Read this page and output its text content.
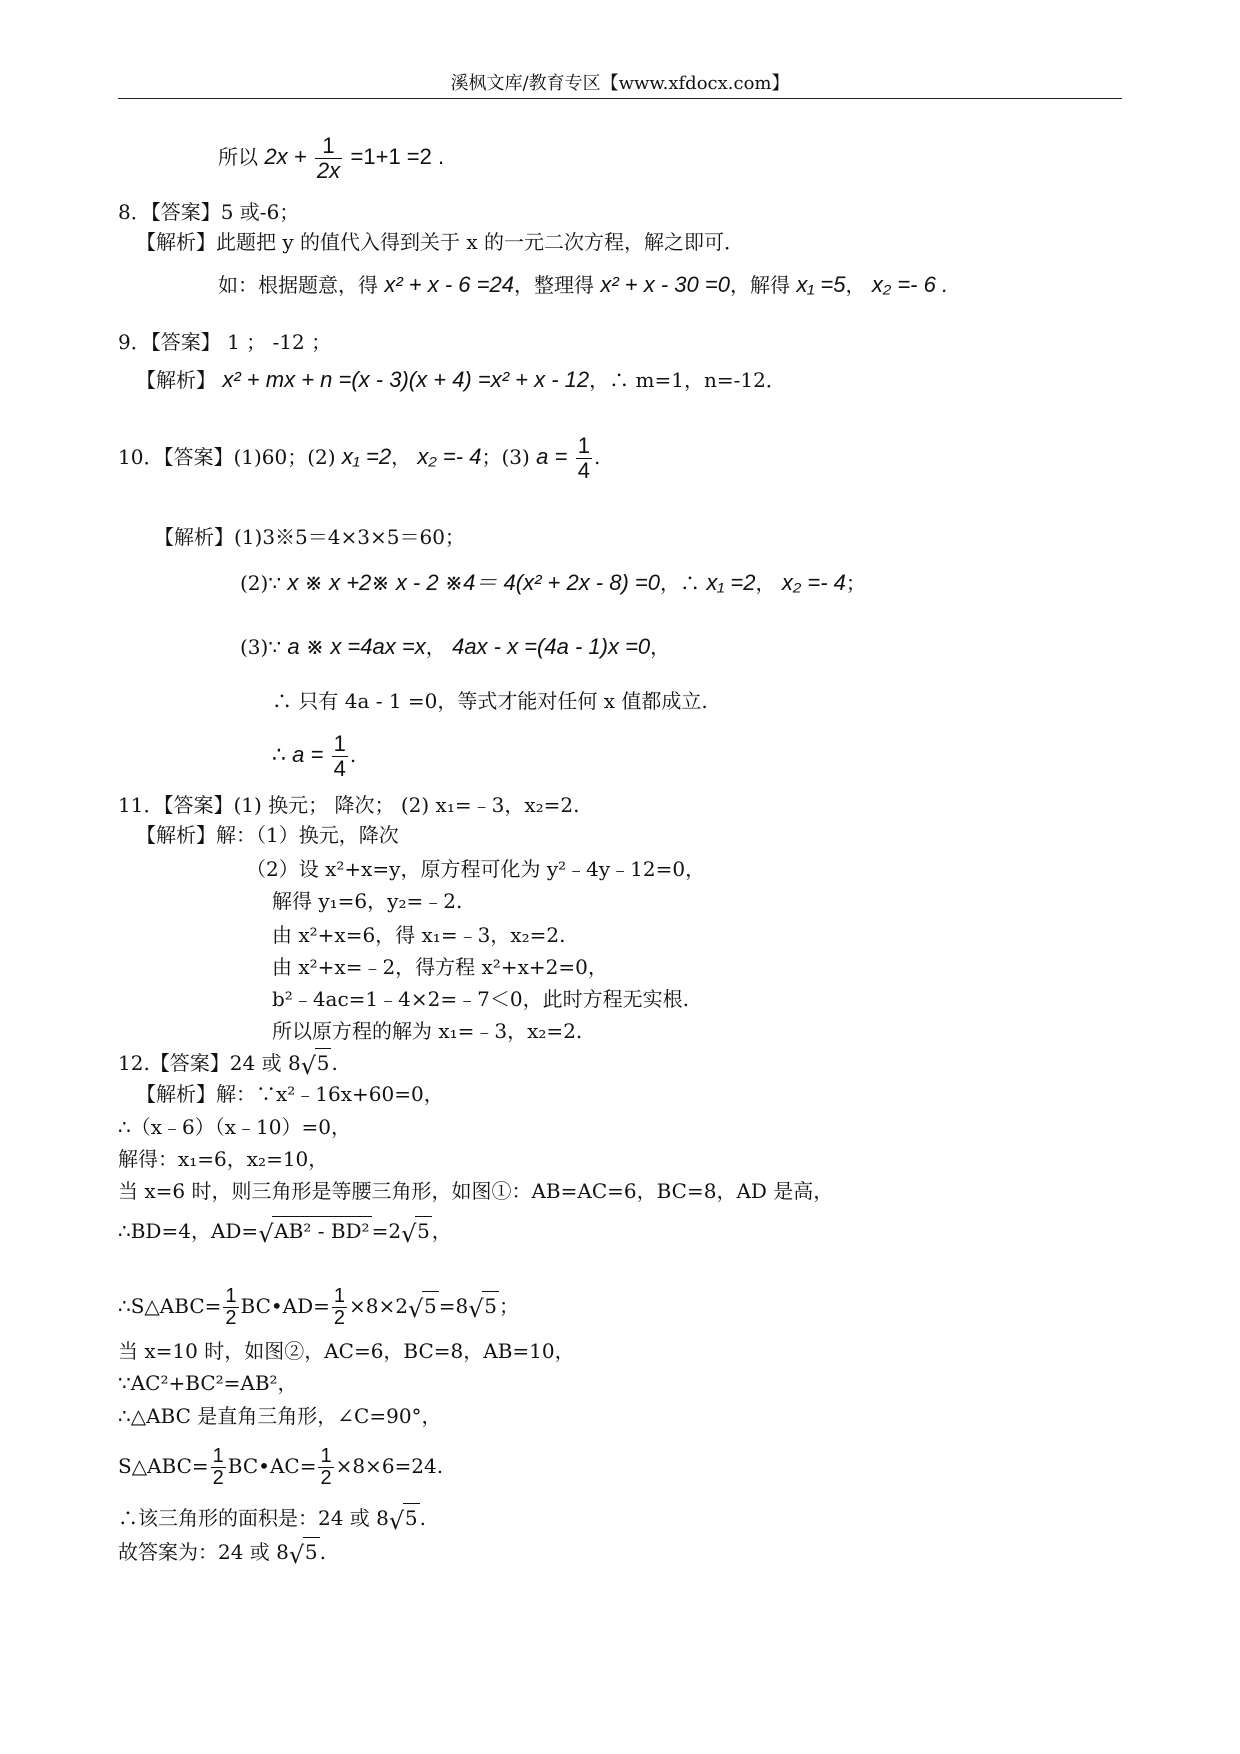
溪枫文库/教育专区【www.xfdocx.com】
所以 $2x + \frac{1}{2x} =1+1 =2$ .
8．【答案】5 或-6；
【解析】此题把 y 的值代入得到关于 x 的一元二次方程，解之即可．
如：根据题意，得 x² + x - 6 =24，整理得 x² + x - 30 =0，解得 x₁ =5， x₂ =- 6 .
9．【答案】 1 ； -12 ；
【解析】 x² + mx + n =(x - 3)(x + 4) =x² + x - 12，∴ m=1，n=-12．
10．【答案】(1)60；(2) x₁ =2， x₂ =- 4；(3) $a = \frac{1}{4}$ .
【解析】(1)3※5＝4×3×5＝60；
(2)∵ x ※ x +2※ x - 2 ※4＝ 4(x² + 2x - 8) =0，∴ x₁ =2， x₂ =- 4；
(3)∵ a ※ x =4ax =x， 4ax - x =(4a - 1)x =0，
∴ 只有 4a - 1 =0，等式才能对任何 x 值都成立.
∴ $a = \frac{1}{4}$ .
11．【答案】(1) 换元； 降次； (2) x₁=﹣3，x₂=2.
【解析】解：（1）换元，降次
（2）设 x²+x=y，原方程可化为 y²﹣4y﹣12=0，
解得 y₁=6，y₂=﹣2.
由 x²+x=6，得 x₁=﹣3，x₂=2.
由 x²+x=﹣2，得方程 x²+x+2=0，
b²﹣4ac=1﹣4×2=﹣7＜0，此时方程无实根.
所以原方程的解为 x₁=﹣3，x₂=2.
12.【答案】24 或 8√ 5 .
【解析】解：∵x²﹣16x+60=0，
∴（x﹣6）（x﹣10）=0，
解得：x₁=6，x₂=10，
当 x=6 时，则三角形是等腰三角形，如图①：AB=AC=6，BC=8，AD 是高，
∴BD=4，AD=√ AB² - BD² =2√ 5 ，
∴S△ABC= $\frac{1}{2}$ BC•AD= $\frac{1}{2} \times 8\times 2√$ 5 =8√ 5 ；
当 x=10 时，如图②，AC=6，BC=8，AB=10，
∵AC²+BC²=AB²，
∴△ABC 是直角三角形，∠C=90°，
S△ABC= $\frac{1}{2}$ BC•AC= $\frac{1}{2} \times 8\times 6=24$.
∴该三角形的面积是：24 或 8√ 5 .
故答案为：24 或 8√ 5 .
